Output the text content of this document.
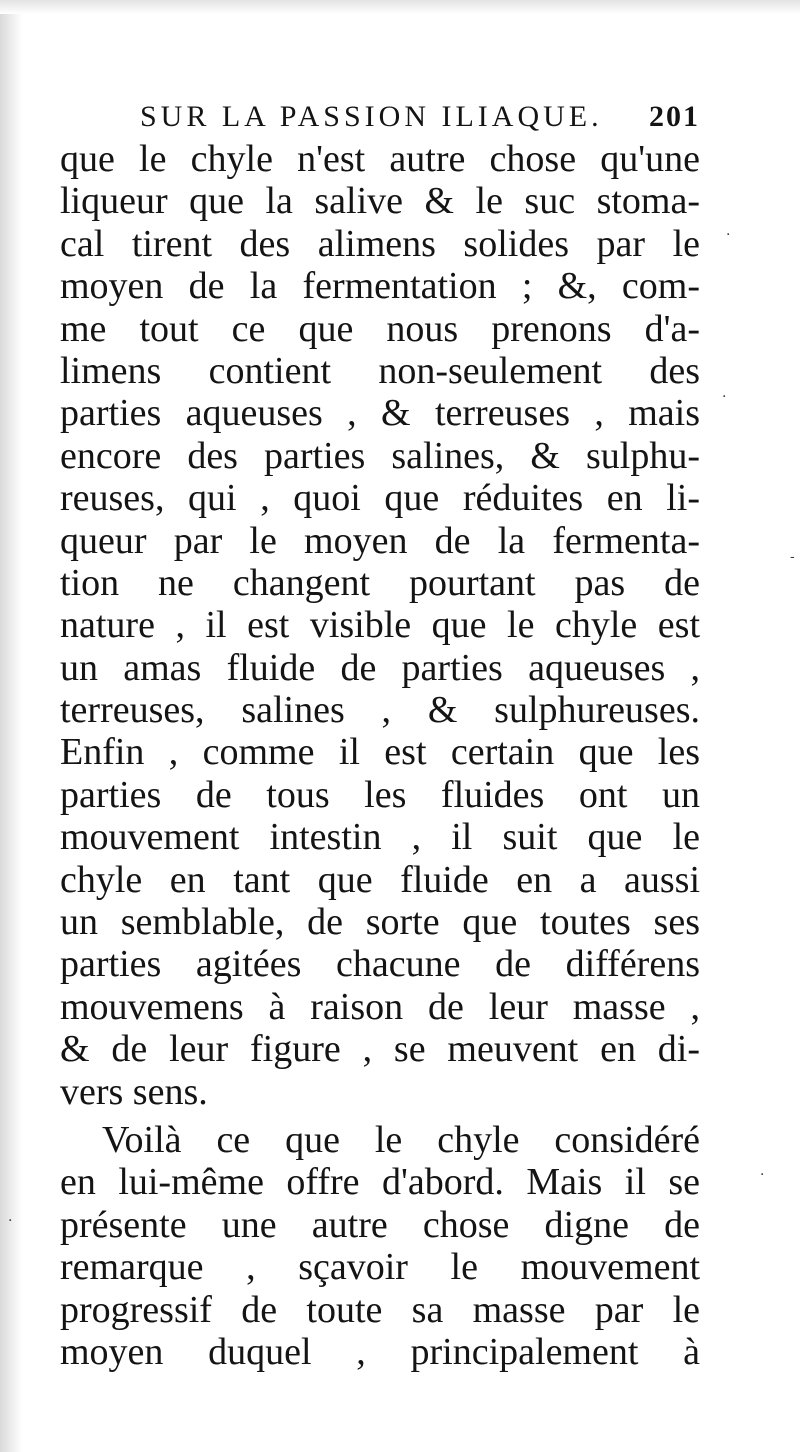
SUR LA PASSION ILIAQUE. 201
que le chyle n'est autre chose qu'une
liqueur que la salive & le suc stoma-
cal tirent des alimens solides par le
moyen de la fermentation ; &, com-
me tout ce que nous prenons d'a-
limens contient non-seulement des
parties aqueuses , & terreuses , mais
encore des parties salines, & sulphu-
reuses, qui , quoi que réduites en li-
queur par le moyen de la fermenta-
tion ne changent pourtant pas de
nature , il est visible que le chyle est
un amas fluide de parties aqueuses ,
terreuses, salines , & sulphureuses.
Enfin , comme il est certain que les
parties de tous les fluides ont un
mouvement intestin , il suit que le
chyle en tant que fluide en a aussi
un semblable, de sorte que toutes ses
parties agitées chacune de différens
mouvemens à raison de leur masse ,
& de leur figure , se meuvent en di-
vers sens.
Voilà ce que le chyle considéré
en lui-même offre d'abord. Mais il se
présente une autre chose digne de
remarque , sçavoir le mouvement
progressif de toute sa masse par le
moyen duquel , principalement à
·
·
-
·
·
